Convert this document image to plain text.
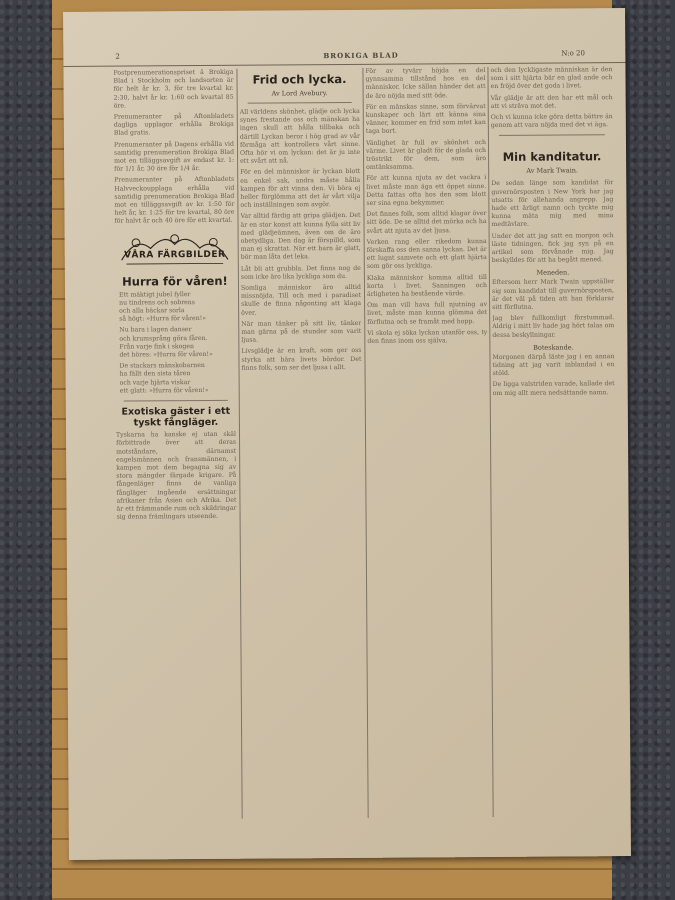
2	BROKIGA BLAD	N:o 20

Postprenumerationspriset å Brokiga Blad i Stockholm och landsorten är för helt år kr. 3, för tre kvartal kr. 2:30, halvt år kr. 1:60 och kvartal 85 öre.

Prenumeranter på Aftonbladets dagliga upplagor erhålla Brokiga Blad gratis.

Prenumeranter på Dagens erhålla vid samtidig prenumeration Brokiga Blad mot en tilläggsavgift av endast kr. 1: för 1/1 år, 30 öre för 1/4 år.

Prenumeranter på Aftonbladets Halvveckoupplaga erhålla vid samtidig prenumeration Brokiga Blad mot en tilläggsavgift av kr. 1:50 för helt år, kr. 1:25 för tre kvartal, 80 öre för halvt år och 40 öre för ett kvartal.

VÅRA FÄRGBILDER
Hurra för våren!
Ett mäktigt jubel fyller
nu tindrens och sobrens
och alla bäckar sorla
så högt: »Hurra för våren!»
Nu bara i lagen danser
och krumsprång göra fåren.
Från varje fink i skogen
det höres: »Hurra för våren!»
De stackars mänskobarnen
ha fällt den sista tåren
och varje hjärta viskar
ett glatt: »Hurra för våren!»
Exotiska gäster i ett tyskt fångläger.

Tyskarna ha kanske ej utan skäl förbittrade över att deras motståndare, därnamst engelsmännen och fransmännen, i kampen mot dem begagna sig av stora mängder färgade krigare. På fångenläger finns de vanliga fångläger ingående ersättningar afrikaner från Asien och Afrika. Det är ett främmande rum och skildringar sig denna främlingars utseende.

Frid och lycka.
Av Lord Avebury.

All världens skönhet, glädje och lycka synes frestande oss och mänskan ha ingen skull att hålla tillbaka och därtill Lyckan beror i hög grad av vår förmåga att kontrollera vårt sinne. Ofta hör vi om lyckan: det är ju inte ett svårt att nå.

För en del människor är lyckan blott en enkel sak, andra måste hålla kampen för att vinna den. Vi böra ej heller förglömma att det är vårt vilja och inställningen som avgör.

Var alltid färdig att gripa glädjen. Det är en stor konst att kunna fylla sitt liv med glädjeämnen, även om de äro obetydliga. Den dag är förspilld, som man ej skrattat. När ett barn är glatt, bör man låta det leka.

Låt bli att grubbla. Det finns nog de som icke äro lika lyckliga som du.

Somliga människor äro alltid missnöjda. Till och med i paradiset skulle de finna någonting att klaga över.

När man tänker på sitt liv, tänker man gärna på de stunder som varit ljusa.

Livsglädje är en kraft, som ger oss styrka att bära livets bördor. Det finns folk, som ser det ljusa i allt.

För av tyvärr höjda en del gynnsamma tillstånd hos en del människor. Icke sällan händer det att de äro nöjda med sitt öde.

För en mänskas sinne, som förvärvat kunskaper och lärt att känna sina vänner, kommer en frid som intet kan taga bort.

Vänlighet är full av skönhet och värme. Livet är gladt för de glada och tröstrikt för dem, som äro omtänksamma.

För att kunna njuta av det vackra i livet måste man äga ett öppet sinne. Detta fattas ofta hos den som blott ser sina egna bekymmer.

Det finnes folk, som alltid klagar över sitt öde. De se alltid det mörka och ha svårt att njuta av det ljusa.

Verken rang eller rikedom kunna förskaffa oss den sanna lyckan. Det är ett lugnt samvete och ett glatt hjärta som gör oss lyckliga.

Klaka människor komma alltid till korta i livet. Sanningen och ärligheten ha bestående värde.

Om man vill hava full njutning av livet, måste man kunna glömma det förflutna och se framåt med hopp.

Vi skola ej söka lyckan utanför oss, ty den finns inom oss själva.

och den lyckligaste människan är den som i sitt hjärta bär en glad ande och en fröjd över det goda i livet.

Vår glädje är att den har ett mål och att vi sträva mot det.

Och vi kunna icke göra detta bättre än genom att vara nöjda med det vi äga.

Min kanditatur.
Av Mark Twain.

De sedan länge som kandidat för guvernörsposten i New York har jag utsatts för allehanda angrepp. Jag hade ett ärligt namn och tyckte mig kunna mäta mig med mina medtävlare.

Under det att jag satt en morgon och läste tidningen, fick jag syn på en artikel som förvånade mig. Jag beskylldes för att ha begått mened.

Meneden.

Eftersom herr Mark Twain uppställer sig som kandidat till guvernörsposten, är det väl på tiden att han förklarar sitt förflutna.

Jag blev fullkomligt förstummad. Aldrig i mitt liv hade jag hört talas om dessa beskyllningar.

Boteskande.

Morgonen därpå läste jag i en annan tidning att jag varit inblandad i en stöld.

De ligga valstriden varade, kallade det om mig allt mera nedsättande namn.
